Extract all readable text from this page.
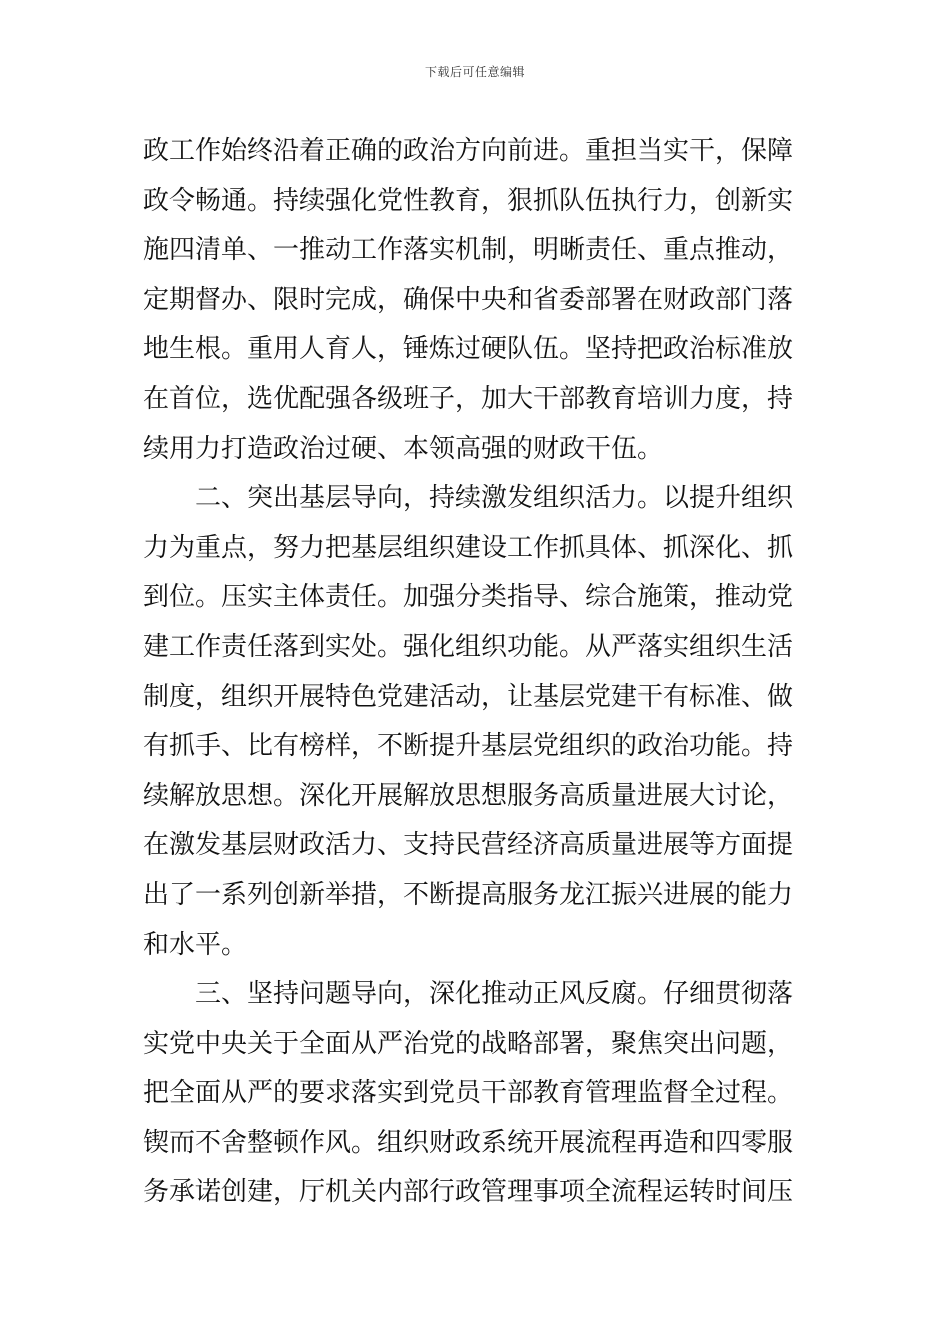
下载后可任意编辑
政工作始终沿着正确的政治方向前进。重担当实干，保障
政令畅通。持续强化党性教育，狠抓队伍执行力，创新实
施四清单、一推动工作落实机制，明晰责任、重点推动，
定期督办、限时完成，确保中央和省委部署在财政部门落
地生根。重用人育人，锤炼过硬队伍。坚持把政治标准放
在首位，选优配强各级班子，加大干部教育培训力度，持
续用力打造政治过硬、本领高强的财政干伍。
二、突出基层导向，持续激发组织活力。以提升组织
力为重点，努力把基层组织建设工作抓具体、抓深化、抓
到位。压实主体责任。加强分类指导、综合施策，推动党
建工作责任落到实处。强化组织功能。从严落实组织生活
制度，组织开展特色党建活动，让基层党建干有标准、做
有抓手、比有榜样，不断提升基层党组织的政治功能。持
续解放思想。深化开展解放思想服务高质量进展大讨论，
在激发基层财政活力、支持民营经济高质量进展等方面提
出了一系列创新举措，不断提高服务龙江振兴进展的能力
和水平。
三、坚持问题导向，深化推动正风反腐。仔细贯彻落
实党中央关于全面从严治党的战略部署，聚焦突出问题，
把全面从严的要求落实到党员干部教育管理监督全过程。
锲而不舍整顿作风。组织财政系统开展流程再造和四零服
务承诺创建，厅机关内部行政管理事项全流程运转时间压
